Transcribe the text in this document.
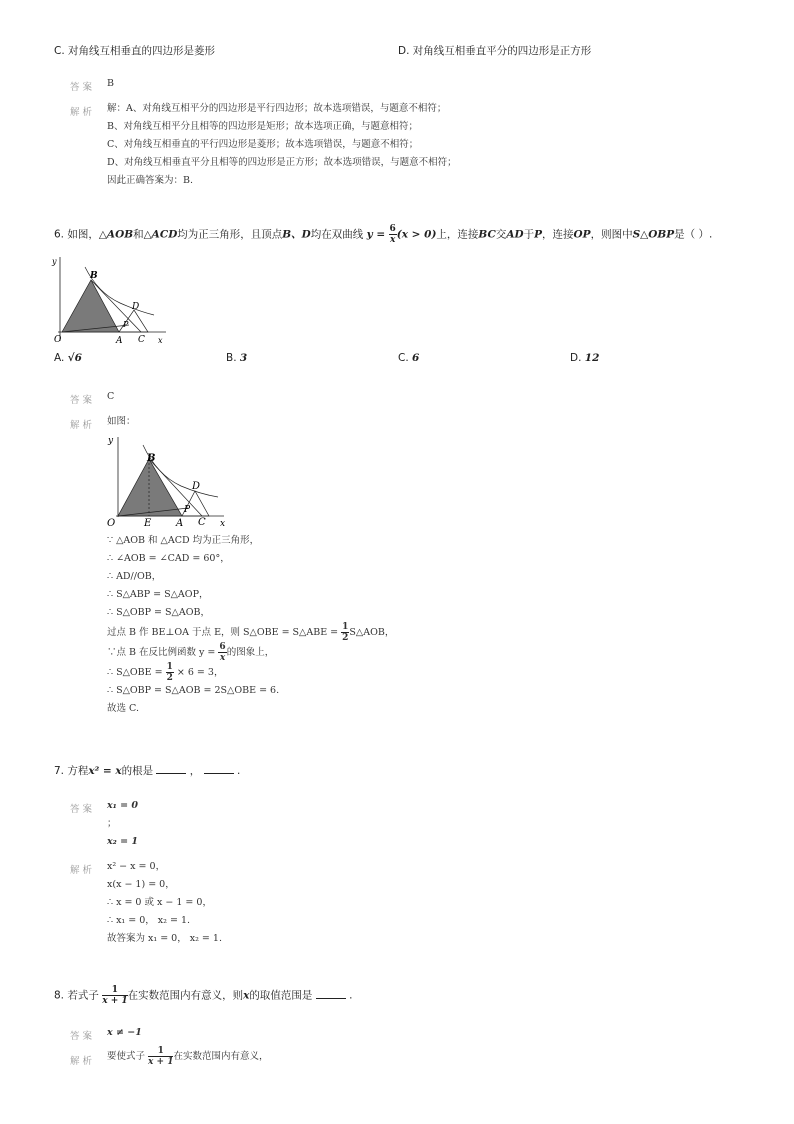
C. 对角线互相垂直的四边形是菱形	D. 对角线互相垂直平分的四边形是正方形
答案 B
解析 解：A、对角线互相平分的四边形是平行四边形；故本选项错误，与题意不相符；
B、对角线互相平分且相等的四边形是矩形；故本选项正确，与题意相符；
C、对角线互相垂直的平行四边形是菱形；故本选项错误，与题意不相符；
D、对角线互相垂直平分且相等的四边形是正方形；故本选项错误，与题意不相符；
因此正确答案为：B.
6. 如图，△AOB和△ACD均为正三角形，且顶点B、D均在双曲线 $y = \frac{6}{x} (x > 0)$上，连接BC交AD于P，连接OP，则图中S△OBP是（ ）.
y
B
D
P
O	A C x
A. √6	B. 3	C. 6	D. 12
答案 C
解析 如图：
y
B
D
P
O	E A C x
∵ △AOB 和 △ACD 均为正三角形，
∴ ∠AOB = ∠CAD = 60°，
∴ AD//OB，
∴ S△ABP = S△AOP，
∴ S△OBP = S△AOB，
过点 B 作 BE⊥OA 于点 E，则 S△OBE = S△ABE = $\frac{1}{2}$ S△AOB，
∵点 B 在反比例函数 $y = \frac{6}{x}$ 的图象上，
∴ S△OBE = $\frac{1}{2} \times 6 = 3$，
∴ S△OBP = S△AOB = 2S△OBE = 6.
故选 C.
7. 方程x² = x的根是	，	.
答案 x₁ = 0
；
x₂ = 1
解析 x² − x = 0，
x(x − 1) = 0，
∴ x = 0 或 x − 1 = 0，
∴ x₁ = 0， x₂ = 1.
故答案为 x₁ = 0， x₂ = 1.
8. 若式子 $\frac{1}{x + 1}$ 在实数范围内有意义，则x的取值范围是	.
答案 x ≠ −1
解析 要使式子 $\frac{1}{x + 1}$ 在实数范围内有意义，
